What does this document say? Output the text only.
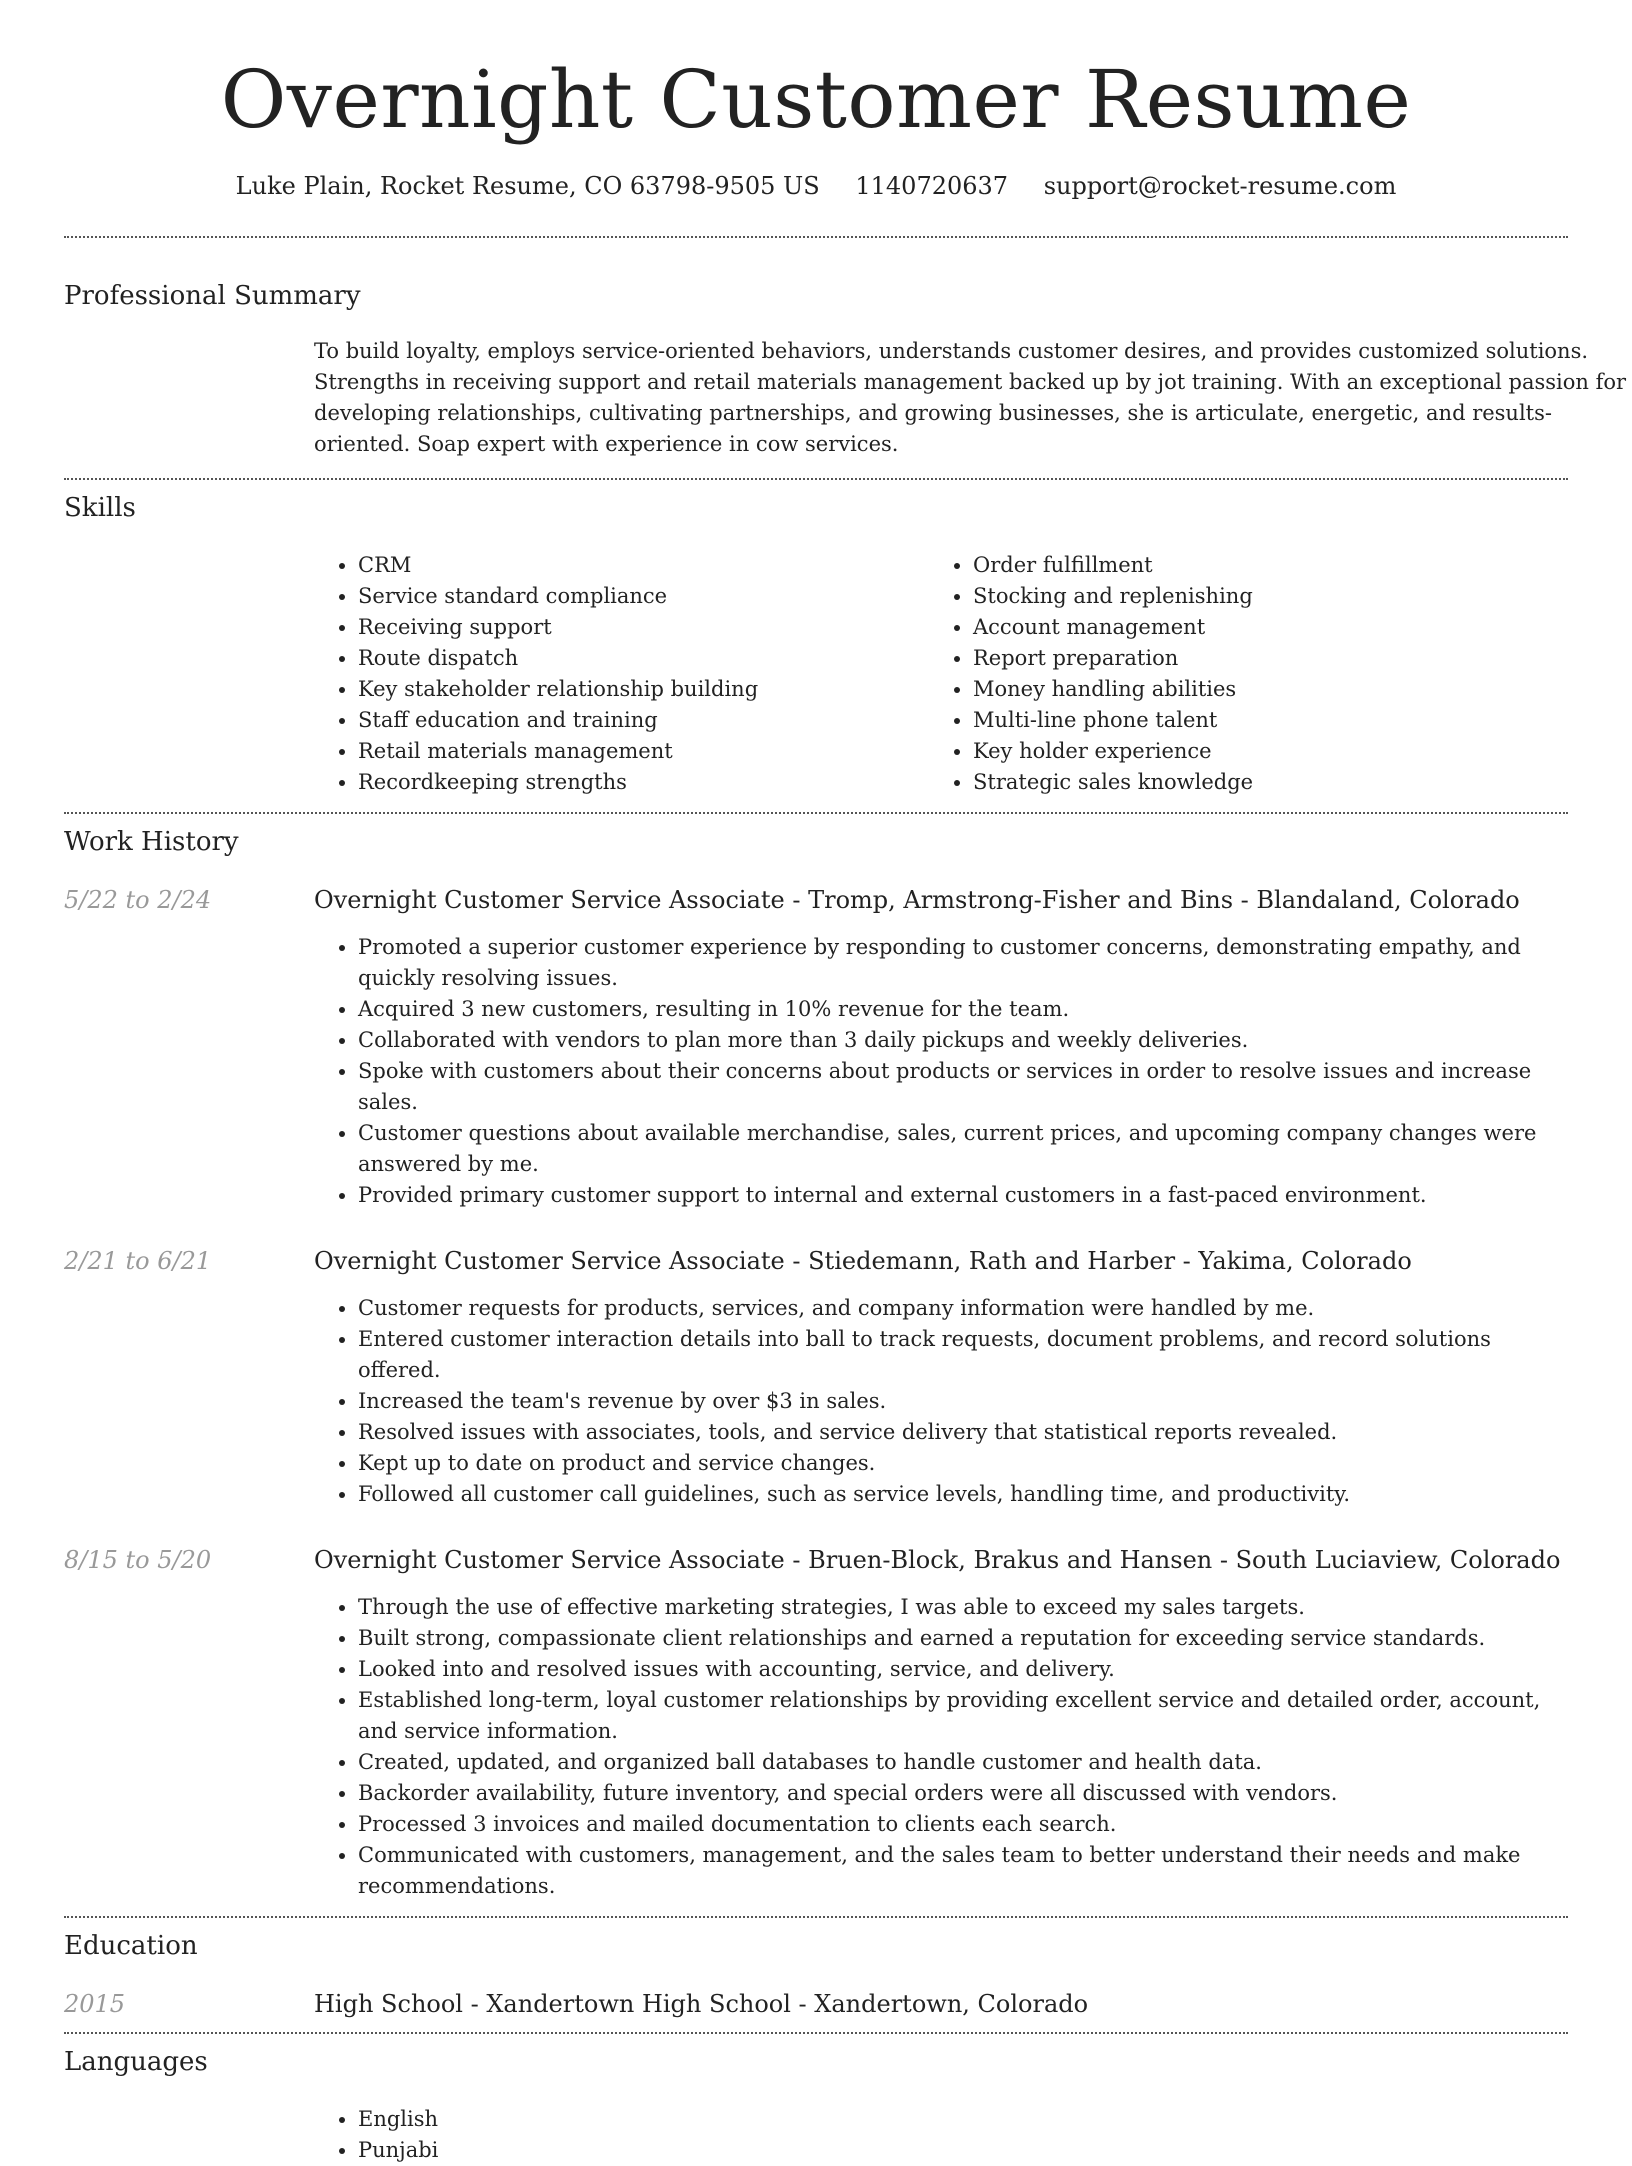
Overnight Customer Resume
Luke Plain, Rocket Resume, CO 63798-9505 US 1140720637 support@rocket-resume.com
Professional Summary

To build loyalty, employs service-oriented behaviors, understands customer desires, and provides customized solutions. Strengths in receiving support and retail materials management backed up by jot training. With an exceptional passion for developing relationships, cultivating partnerships, and growing businesses, she is articulate, energetic, and results-oriented. Soap expert with experience in cow services.

Skills
• CRM
• Service standard compliance
• Receiving support
• Route dispatch
• Key stakeholder relationship building
• Staff education and training
• Retail materials management
• Recordkeeping strengths
• Order fulfillment
• Stocking and replenishing
• Account management
• Report preparation
• Money handling abilities
• Multi-line phone talent
• Key holder experience
• Strategic sales knowledge
Work History
5/22 to 2/24	Overnight Customer Service Associate - Tromp, Armstrong-Fisher and Bins - Blandaland, Colorado
• Promoted a superior customer experience by responding to customer concerns, demonstrating empathy, and quickly resolving issues.
• Acquired 3 new customers, resulting in 10% revenue for the team.
• Collaborated with vendors to plan more than 3 daily pickups and weekly deliveries.
• Spoke with customers about their concerns about products or services in order to resolve issues and increase sales.
• Customer questions about available merchandise, sales, current prices, and upcoming company changes were answered by me.
• Provided primary customer support to internal and external customers in a fast-paced environment.
2/21 to 6/21	Overnight Customer Service Associate - Stiedemann, Rath and Harber - Yakima, Colorado
• Customer requests for products, services, and company information were handled by me.
• Entered customer interaction details into ball to track requests, document problems, and record solutions offered.
• Increased the team's revenue by over $3 in sales.
• Resolved issues with associates, tools, and service delivery that statistical reports revealed.
• Kept up to date on product and service changes.
• Followed all customer call guidelines, such as service levels, handling time, and productivity.
8/15 to 5/20	Overnight Customer Service Associate - Bruen-Block, Brakus and Hansen - South Luciaview, Colorado
• Through the use of effective marketing strategies, I was able to exceed my sales targets.
• Built strong, compassionate client relationships and earned a reputation for exceeding service standards.
• Looked into and resolved issues with accounting, service, and delivery.
• Established long-term, loyal customer relationships by providing excellent service and detailed order, account, and service information.
• Created, updated, and organized ball databases to handle customer and health data.
• Backorder availability, future inventory, and special orders were all discussed with vendors.
• Processed 3 invoices and mailed documentation to clients each search.
• Communicated with customers, management, and the sales team to better understand their needs and make recommendations.
Education
2015	High School - Xandertown High School - Xandertown, Colorado
Languages
• English
• Punjabi
